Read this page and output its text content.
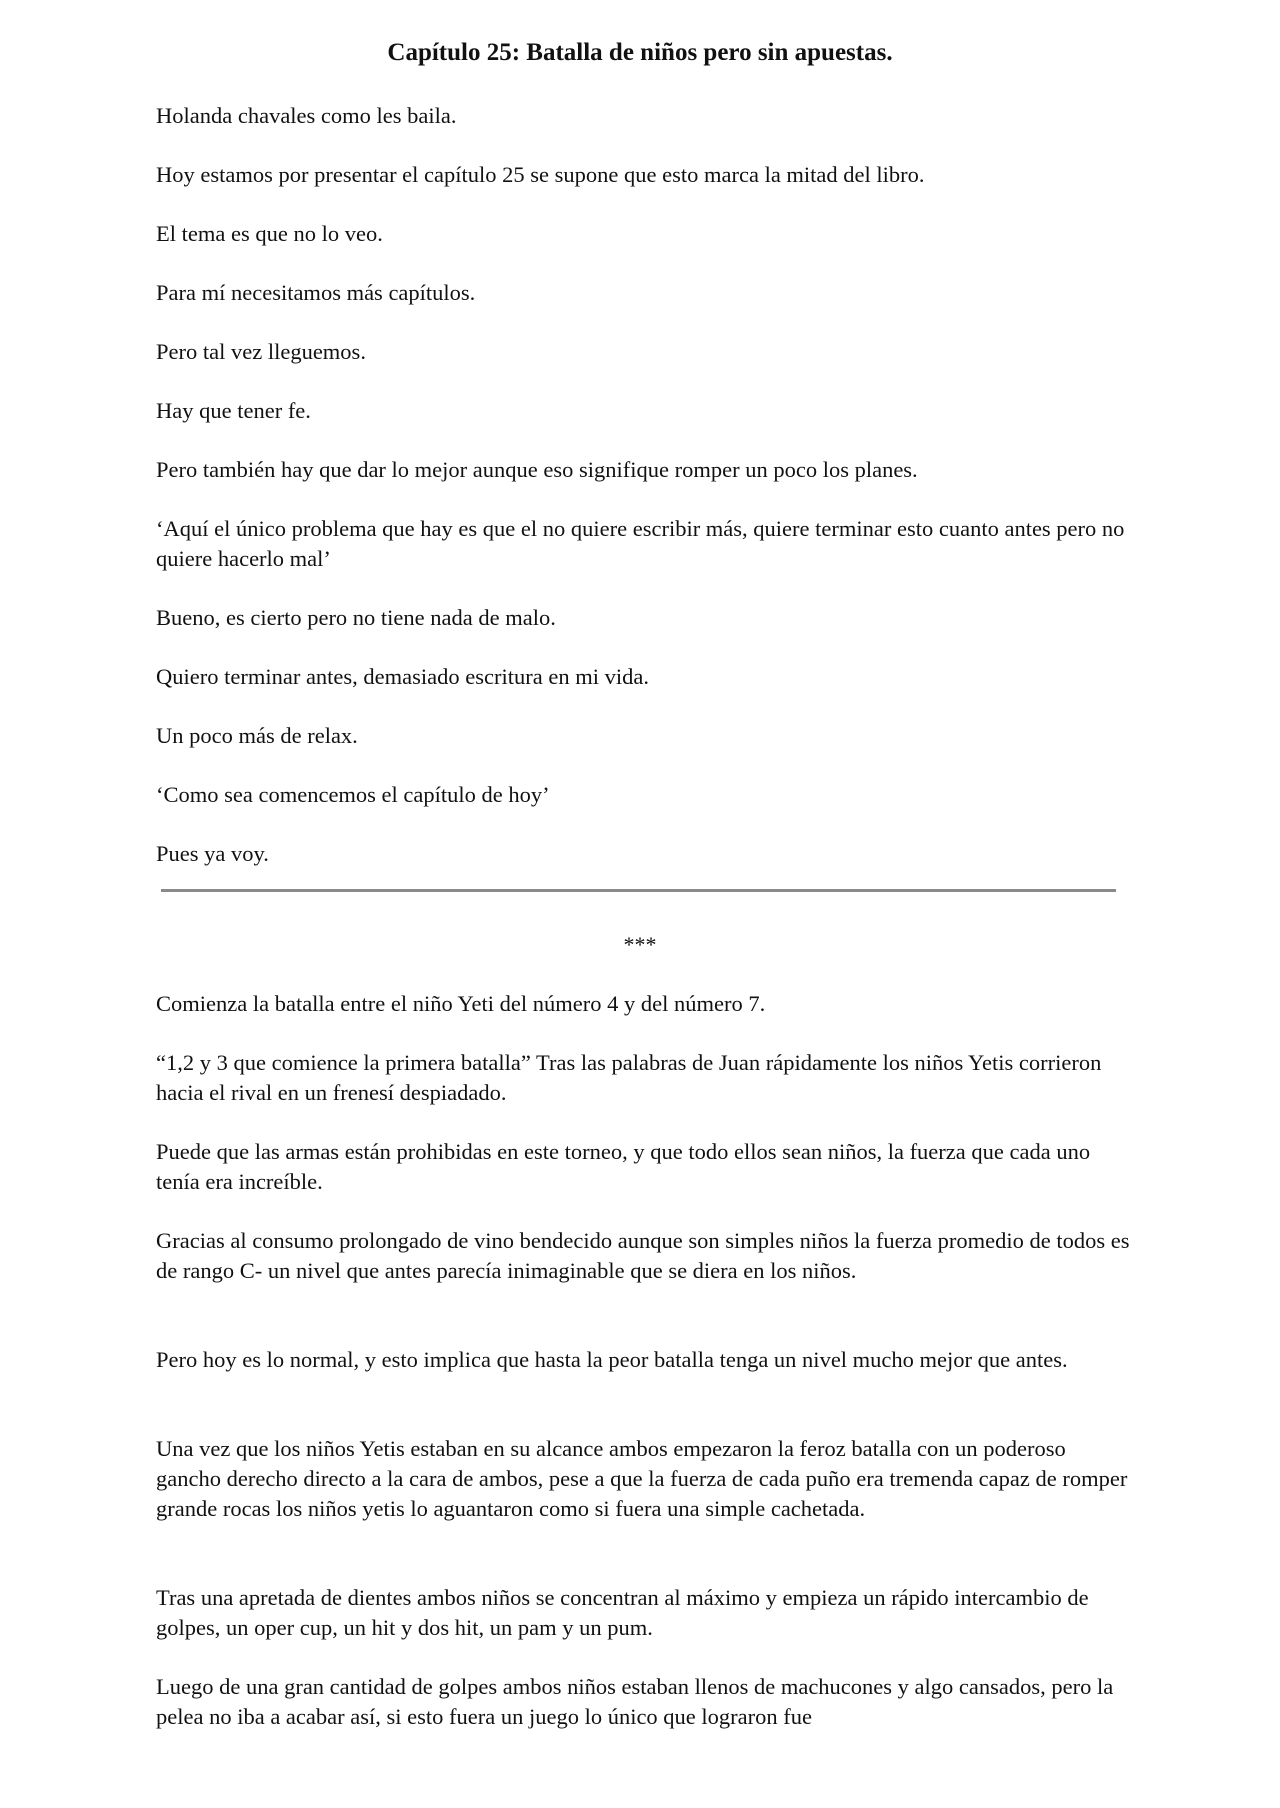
Capítulo 25: Batalla de niños pero sin apuestas.

Holanda chavales como les baila.

Hoy estamos por presentar el capítulo 25 se supone que esto marca la mitad del libro.

El tema es que no lo veo.

Para mí necesitamos más capítulos.

Pero tal vez lleguemos.

Hay que tener fe.

Pero también hay que dar lo mejor aunque eso signifique romper un poco los planes.

‘Aquí el único problema que hay es que el no quiere escribir más, quiere terminar esto cuanto antes pero no quiere hacerlo mal’

Bueno, es cierto pero no tiene nada de malo.

Quiero terminar antes, demasiado escritura en mi vida.

Un poco más de relax.

‘Como sea comencemos el capítulo de hoy’

Pues ya voy.

***

Comienza la batalla entre el niño Yeti del número 4 y del número 7.

“1,2 y 3 que comience la primera batalla” Tras las palabras de Juan rápidamente los niños Yetis corrieron hacia el rival en un frenesí despiadado.

Puede que las armas están prohibidas en este torneo, y que todo ellos sean niños, la fuerza que cada uno tenía era increíble.

Gracias al consumo prolongado de vino bendecido aunque son simples niños la fuerza promedio de todos es de rango C- un nivel que antes parecía inimaginable que se diera en los niños.

Pero hoy es lo normal, y esto implica que hasta la peor batalla tenga un nivel mucho mejor que antes.

Una vez que los niños Yetis estaban en su alcance ambos empezaron la feroz batalla con un poderoso gancho derecho directo a la cara de ambos, pese a que la fuerza de cada puño era tremenda capaz de romper grande rocas los niños yetis lo aguantaron como si fuera una simple cachetada.

Tras una apretada de dientes ambos niños se concentran al máximo y empieza un rápido intercambio de golpes, un oper cup, un hit y dos hit, un pam y un pum.

Luego de una gran cantidad de golpes ambos niños estaban llenos de machucones y algo cansados, pero la pelea no iba a acabar así, si esto fuera un juego lo único que lograron fue
